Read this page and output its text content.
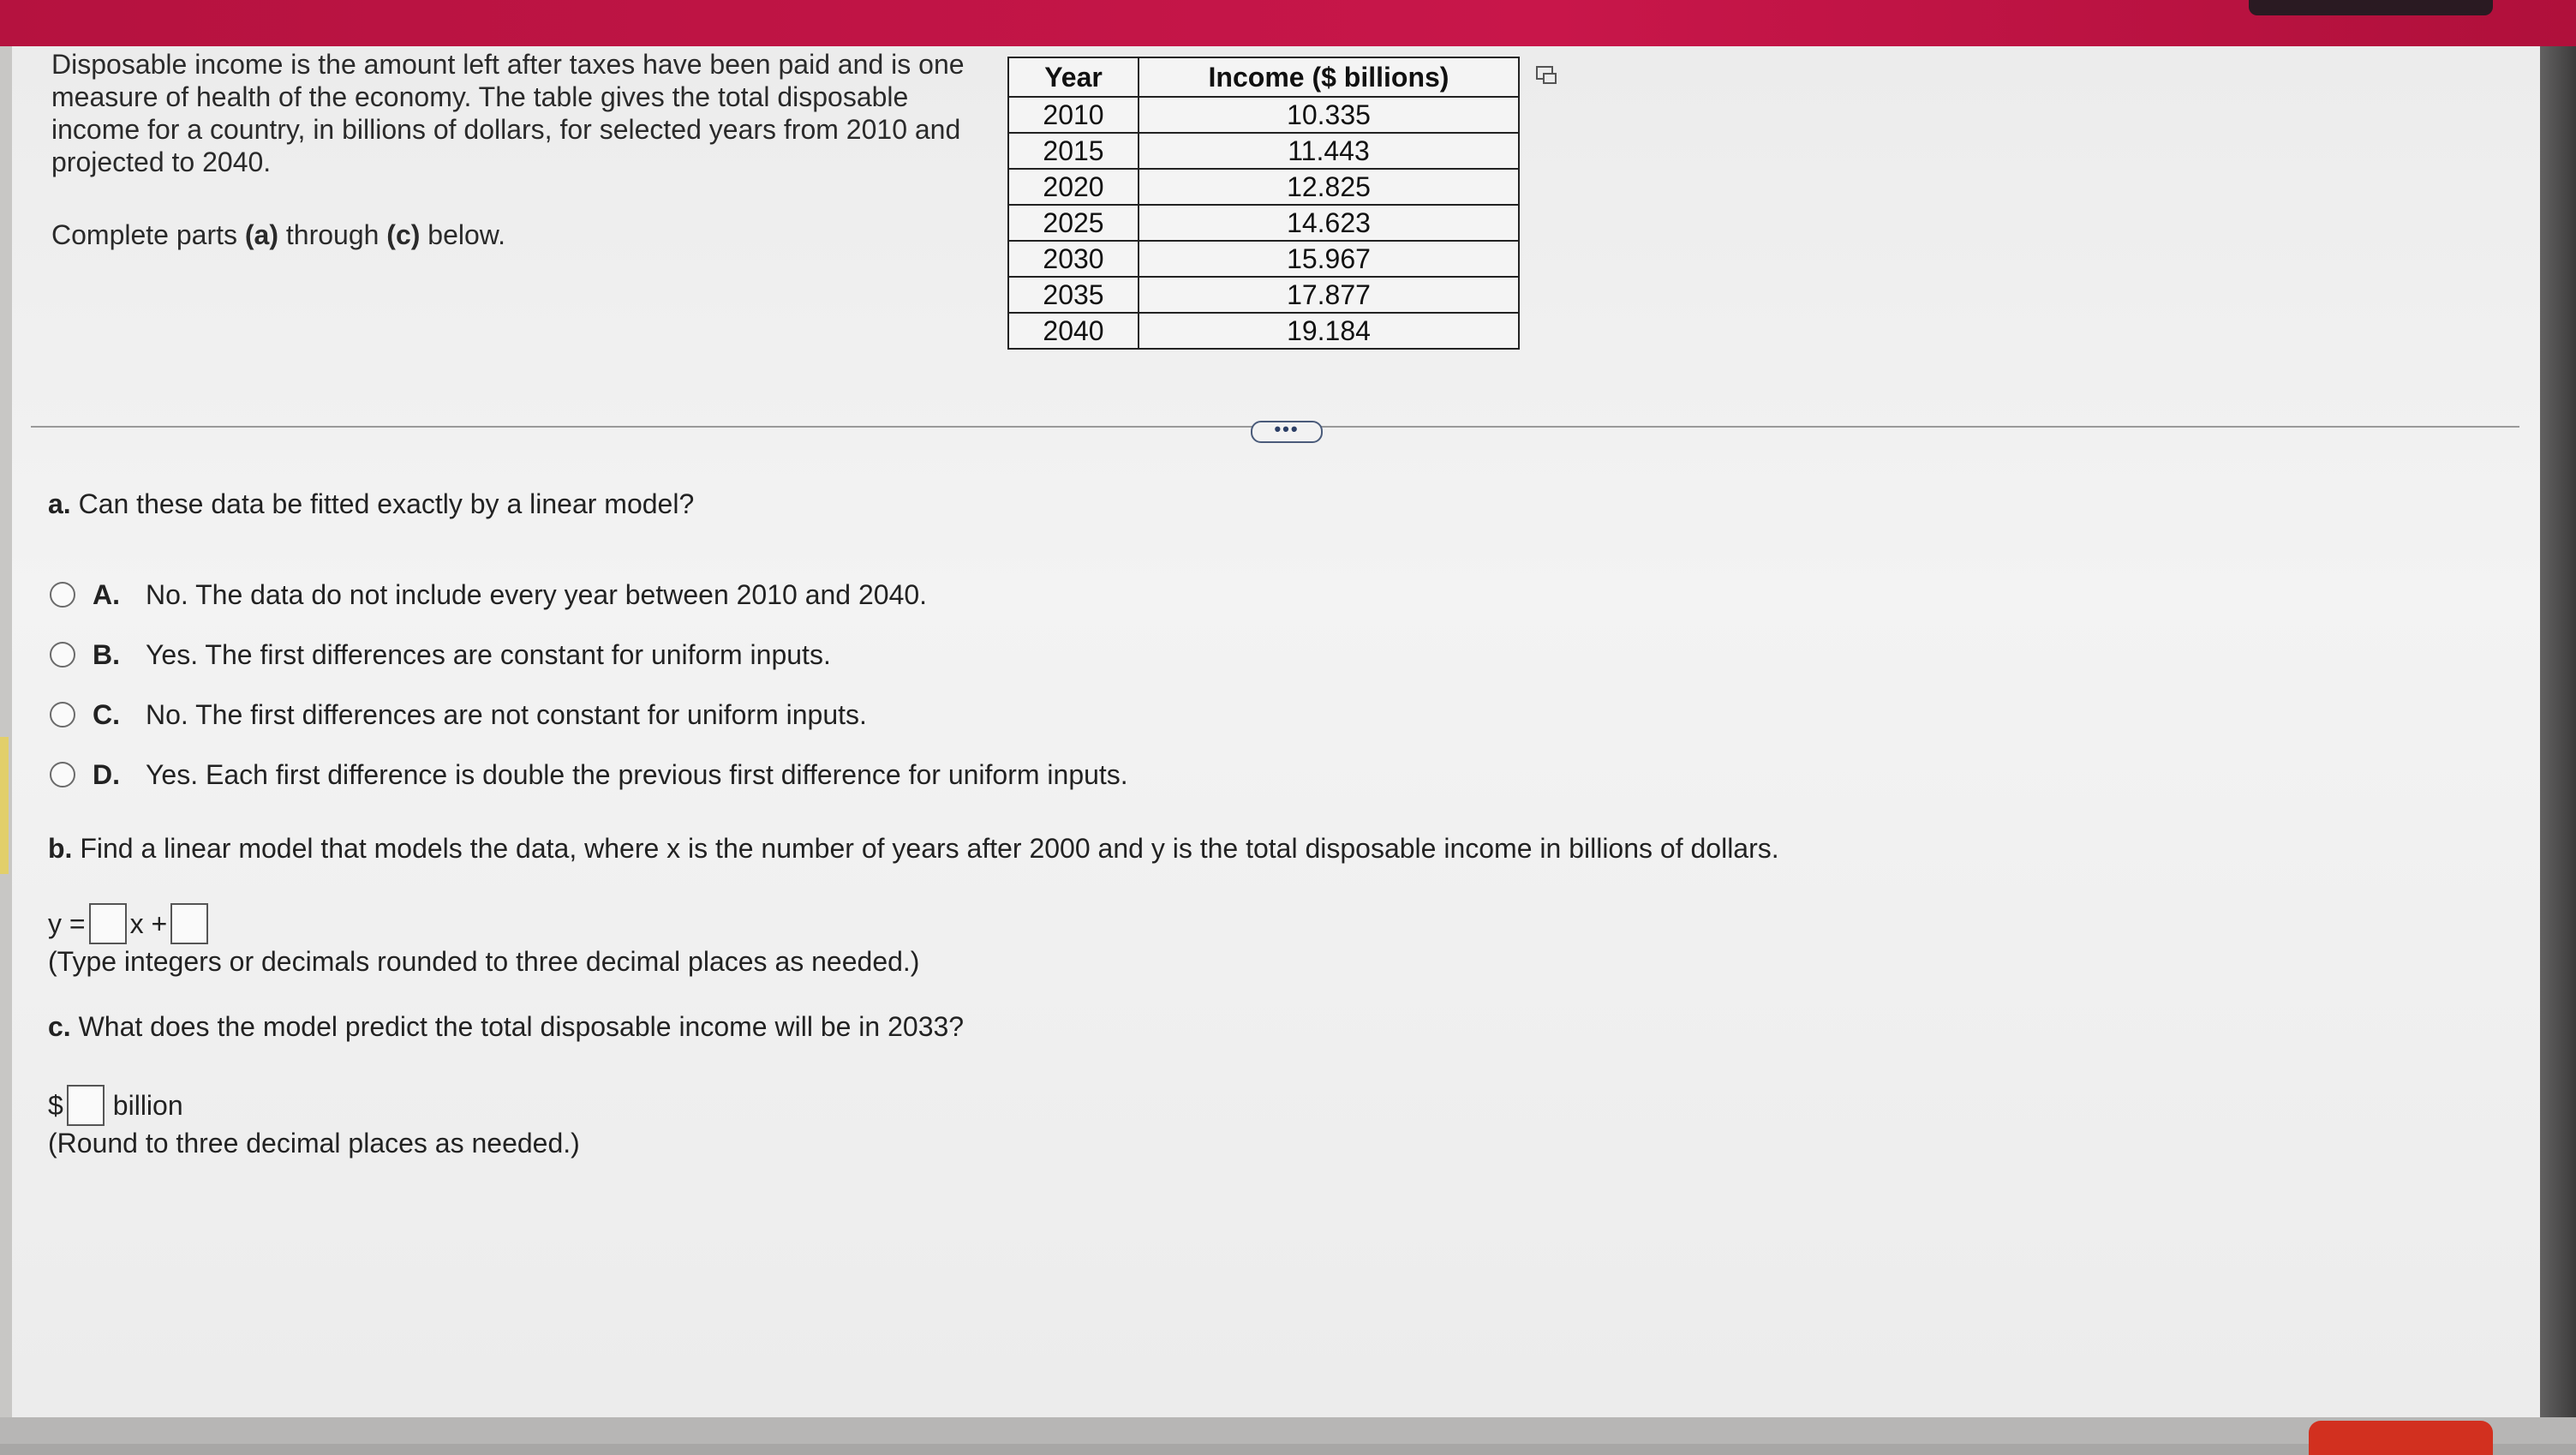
Disposable income is the amount left after taxes have been paid and is one measure of health of the economy. The table gives the total disposable income for a country, in billions of dollars, for selected years from 2010 and projected to 2040.
Complete parts (a) through (c) below.
Year	Income ($ billions)
2010	10.335
2015	11.443
2020	12.825
2025	14.623
2030	15.967
2035	17.877
2040	19.184
•••
a. Can these data be fitted exactly by a linear model?
A. No. The data do not include every year between 2010 and 2040.
B. Yes. The first differences are constant for uniform inputs.
C. No. The first differences are not constant for uniform inputs.
D. Yes. Each first difference is double the previous first difference for uniform inputs.
b. Find a linear model that models the data, where x is the number of years after 2000 and y is the total disposable income in billions of dollars.
y = x +
(Type integers or decimals rounded to three decimal places as needed.)
c. What does the model predict the total disposable income will be in 2033?
$ billion
(Round to three decimal places as needed.)
